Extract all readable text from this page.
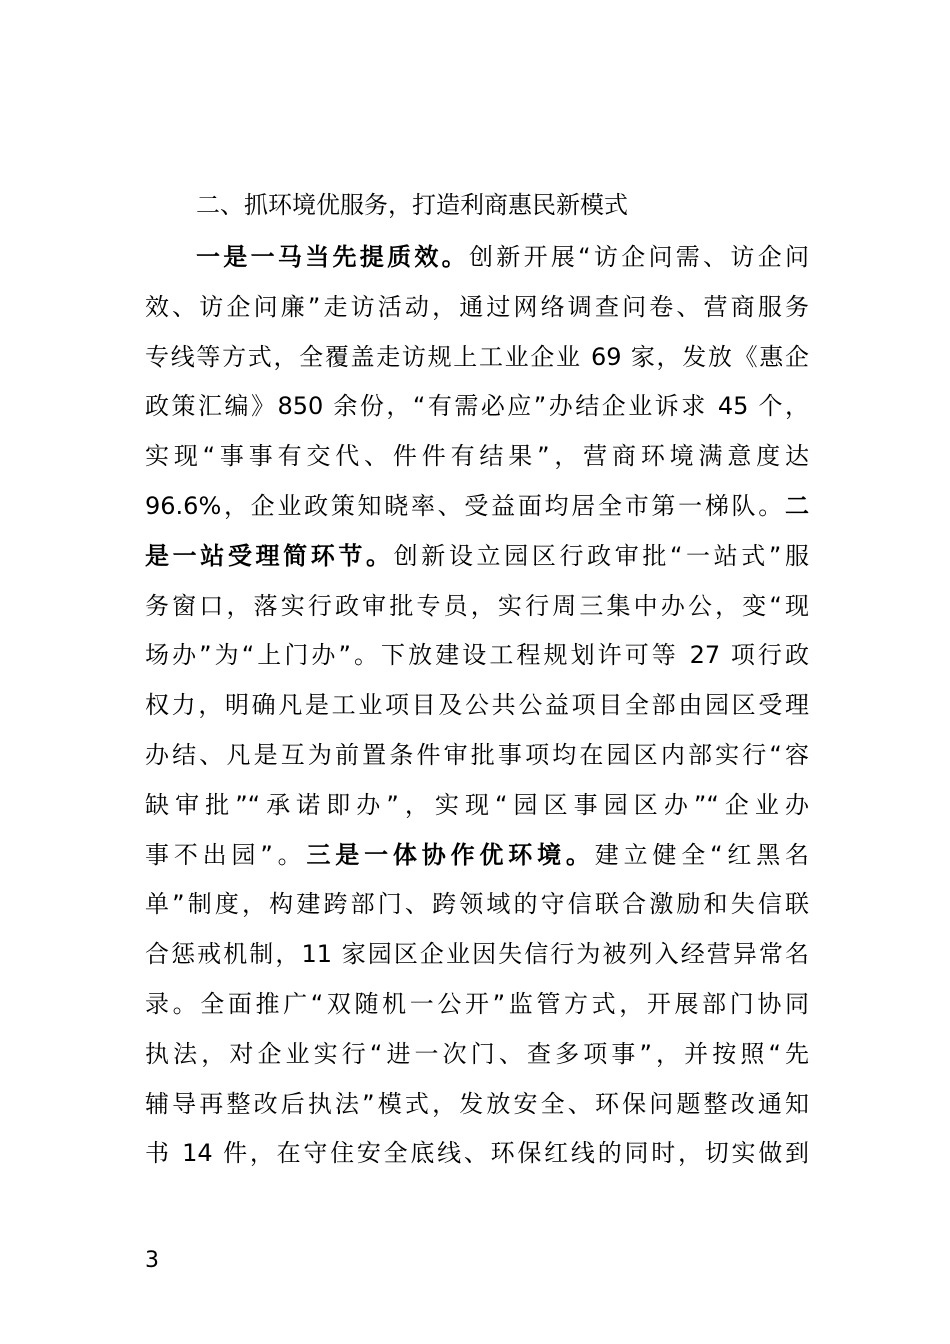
二、抓环境优服务，打造利商惠民新模式
一是一马当先提质效。创新开展“访企问需、访企问
效、访企问廉”走访活动，通过网络调查问卷、营商服务
专线等方式，全覆盖走访规上工业企业 69 家，发放《惠企
政策汇编》850 余份，“有需必应”办结企业诉求 45 个，
实现“事事有交代、件件有结果”，营商环境满意度达
96.6%，企业政策知晓率、受益面均居全市第一梯队。二
是一站受理简环节。创新设立园区行政审批“一站式”服
务窗口，落实行政审批专员，实行周三集中办公，变“现
场办”为“上门办”。下放建设工程规划许可等 27 项行政
权力，明确凡是工业项目及公共公益项目全部由园区受理
办结、凡是互为前置条件审批事项均在园区内部实行“容
缺审批”“承诺即办”，实现“园区事园区办”“企业办
事不出园”。三是一体协作优环境。建立健全“红黑名
单”制度，构建跨部门、跨领域的守信联合激励和失信联
合惩戒机制，11 家园区企业因失信行为被列入经营异常名
录。全面推广“双随机一公开”监管方式，开展部门协同
执法，对企业实行“进一次门、查多项事”，并按照“先
辅导再整改后执法”模式，发放安全、环保问题整改通知
书 14 件，在守住安全底线、环保红线的同时，切实做到
3
